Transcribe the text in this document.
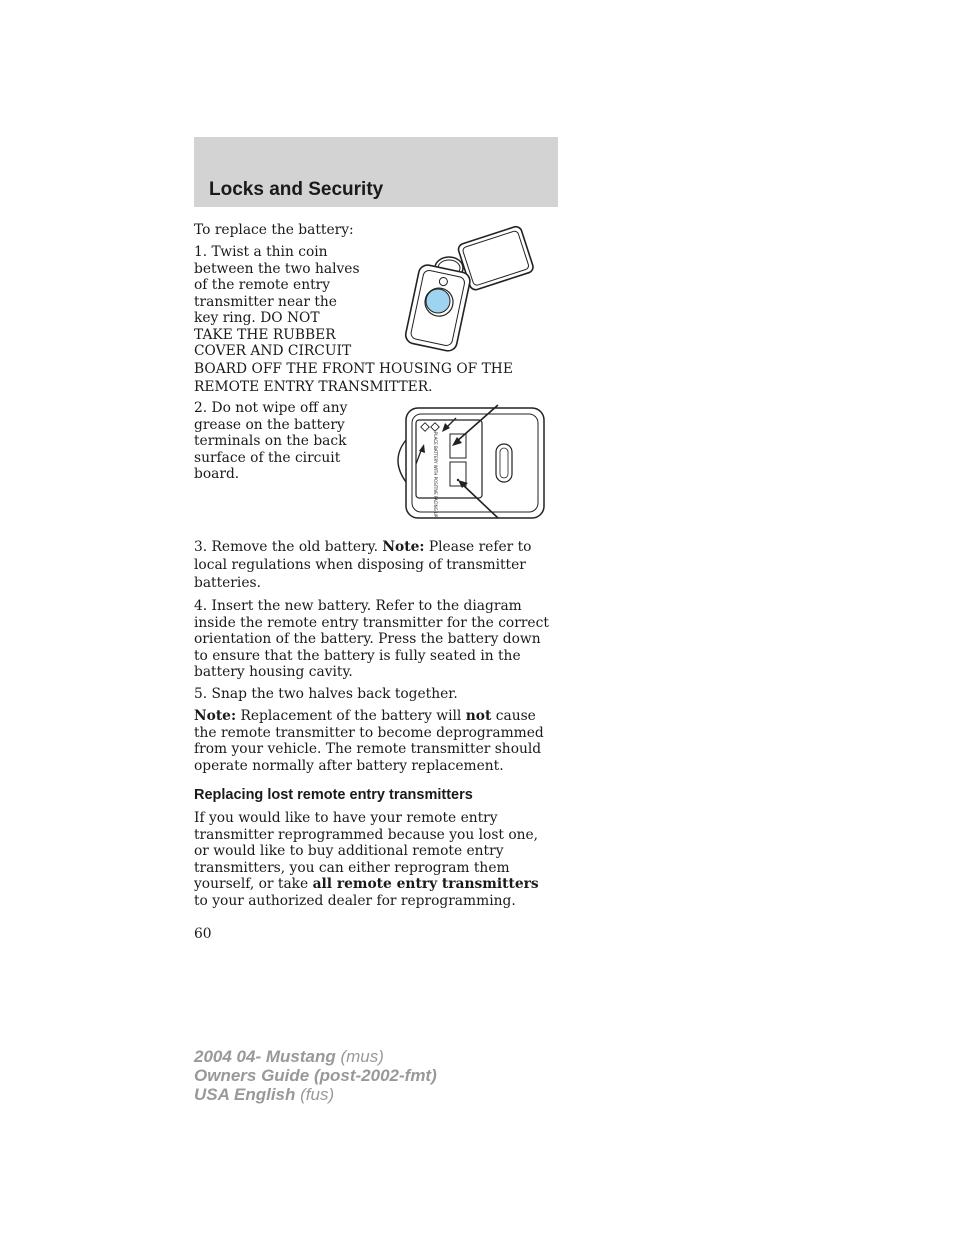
Locks and Security

To replace the battery:

1. Twist a thin coin between the two halves of the remote entry transmitter near the key ring. DO NOT TAKE THE RUBBER COVER AND CIRCUIT

BOARD OFF THE FRONT HOUSING OF THE REMOTE ENTRY TRANSMITTER.

2. Do not wipe off any grease on the battery terminals on the back surface of the circuit board.	PLACE BATTERY WITH POSITIVE FACING UP

3. Remove the old battery. Note: Please refer to local regulations when disposing of transmitter batteries.

4. Insert the new battery. Refer to the diagram inside the remote entry transmitter for the correct orientation of the battery. Press the battery down to ensure that the battery is fully seated in the battery housing cavity.

5. Snap the two halves back together.

Note: Replacement of the battery will not cause the remote transmitter to become deprogrammed from your vehicle. The remote transmitter should operate normally after battery replacement.

Replacing lost remote entry transmitters

If you would like to have your remote entry transmitter reprogrammed because you lost one, or would like to buy additional remote entry transmitters, you can either reprogram them yourself, or take all remote entry transmitters to your authorized dealer for reprogramming.

60

2004 04- Mustang (mus)
Owners Guide (post-2002-fmt)
USA English (fus)
